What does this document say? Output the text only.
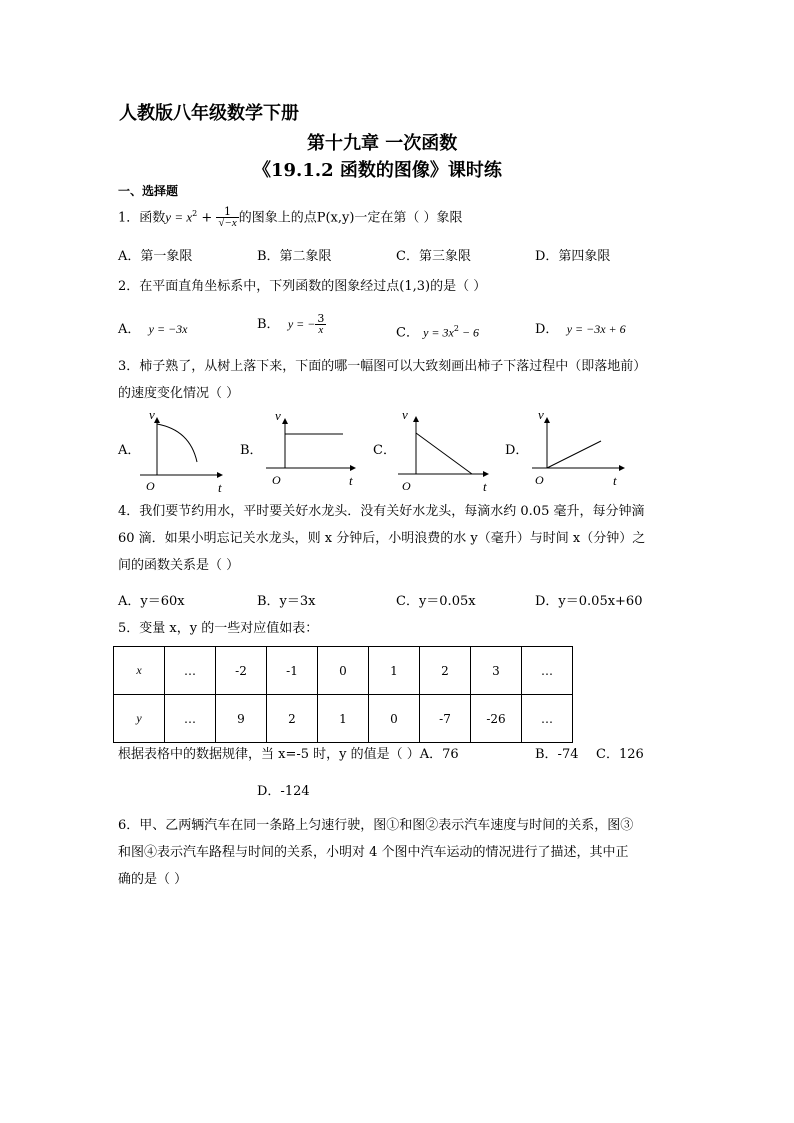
人教版八年级数学下册
第十九章 一次函数
《19.1.2 函数的图像》课时练
一、选择题
1．函数$y = x^2 + \frac{1}{√-x}$ 的图象上的点P(x,y)一定在第（ ）象限
A．第一象限	B．第二象限	C．第三象限	D．第四象限
2．在平面直角坐标系中，下列函数的图象经过点(1,3)的是（ ）
A． y = −3x	B． y = − $\frac{3}{x}$	C． $y = 3x^2 - 6$	D． y = −3x + 6
3．柿子熟了，从树上落下来，下面的哪一幅图可以大致刻画出柿子下落过程中（即落地前）
的速度变化情况（ ）
A．	B．	C．	D．
v
O	t
v
O	t
v
O	t
v
O	t
4．我们要节约用水，平时要关好水龙头．没有关好水龙头，每滴水约 0.05 毫升，每分钟滴
60 滴．如果小明忘记关水龙头，则 x 分钟后，小明浪费的水 y（毫升）与时间 x（分钟）之
间的函数关系是（ ）
A．y＝60x	B．y＝3x	C．y＝0.05x	D．y＝0.05x+60
5．变量 x，y 的一些对应值如表：
x	…	-2	-1	0	1	2	3	…
y	…	9	2	1	0	-7	-26	…
根据表格中的数据规律，当 x=-5 时，y 的值是（ ）A．76	B．-74 C．126
D．-124
6．甲、乙两辆汽车在同一条路上匀速行驶，图①和图②表示汽车速度与时间的关系，图③
和图④表示汽车路程与时间的关系，小明对 4 个图中汽车运动的情况进行了描述，其中正
确的是（ ）
